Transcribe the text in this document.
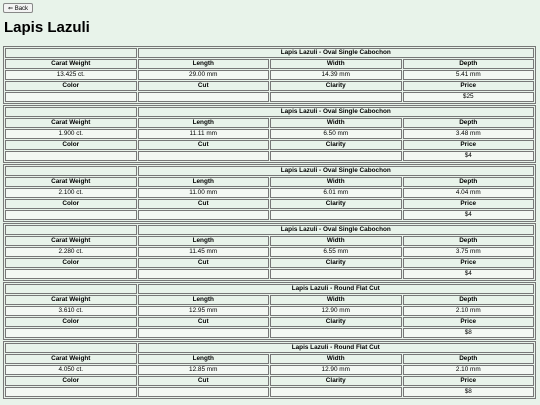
⇐ Back
Lapis Lazuli
	Lapis Lazuli - Oval Single Cabochon		
Carat Weight	Length	Width	Depth
13.425 ct.	29.00 mm	14.39 mm	5.41 mm
Color	Cut	Clarity	Price
			$25
	Lapis Lazuli - Oval Single Cabochon		
Carat Weight	Length	Width	Depth
1.900 ct.	11.11 mm	6.50 mm	3.48 mm
Color	Cut	Clarity	Price
			$4
	Lapis Lazuli - Oval Single Cabochon		
Carat Weight	Length	Width	Depth
2.100 ct.	11.00 mm	6.01 mm	4.04 mm
Color	Cut	Clarity	Price
			$4
	Lapis Lazuli - Oval Single Cabochon		
Carat Weight	Length	Width	Depth
2.280 ct.	11.45 mm	6.55 mm	3.75 mm
Color	Cut	Clarity	Price
			$4
	Lapis Lazuli - Round Flat Cut		
Carat Weight	Length	Width	Depth
3.610 ct.	12.95 mm	12.90 mm	2.10 mm
Color	Cut	Clarity	Price
			$8
	Lapis Lazuli - Round Flat Cut		
Carat Weight	Length	Width	Depth
4.050 ct.	12.85 mm	12.90 mm	2.10 mm
Color	Cut	Clarity	Price
			$8
